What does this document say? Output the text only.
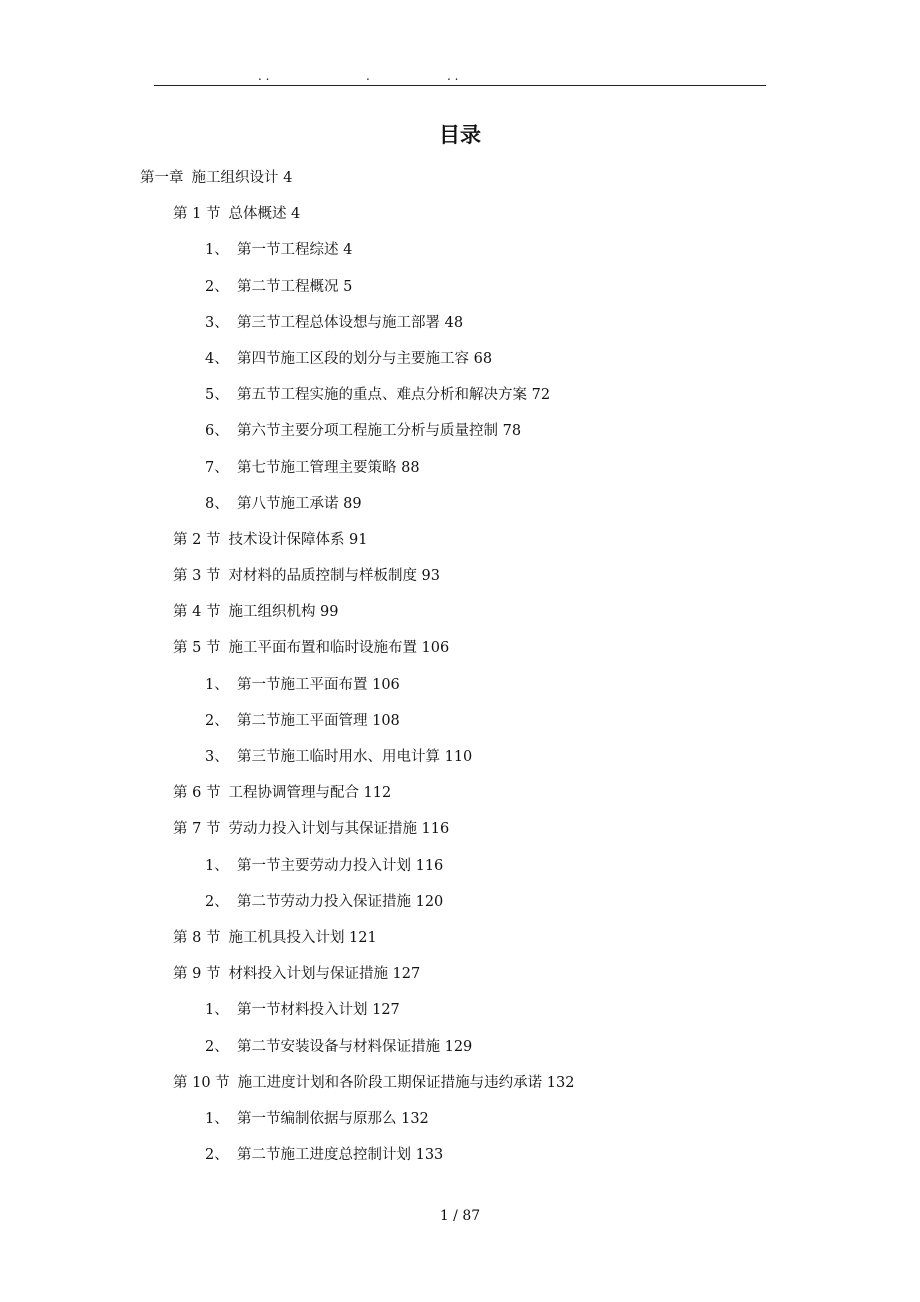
. .	.	. .
目录
第一章 施工组织设计 4
第 1 节 总体概述 4
1、 第一节工程综述 4
2、 第二节工程概况 5
3、 第三节工程总体设想与施工部署 48
4、 第四节施工区段的划分与主要施工容 68
5、 第五节工程实施的重点、难点分析和解决方案 72
6、 第六节主要分项工程施工分析与质量控制 78
7、 第七节施工管理主要策略 88
8、 第八节施工承诺 89
第 2 节 技术设计保障体系 91
第 3 节 对材料的品质控制与样板制度 93
第 4 节 施工组织机构 99
第 5 节 施工平面布置和临时设施布置 106
1、 第一节施工平面布置 106
2、 第二节施工平面管理 108
3、 第三节施工临时用水、用电计算 110
第 6 节 工程协调管理与配合 112
第 7 节 劳动力投入计划与其保证措施 116
1、 第一节主要劳动力投入计划 116
2、 第二节劳动力投入保证措施 120
第 8 节 施工机具投入计划 121
第 9 节 材料投入计划与保证措施 127
1、 第一节材料投入计划 127
2、 第二节安装设备与材料保证措施 129
第 10 节 施工进度计划和各阶段工期保证措施与违约承诺 132
1、 第一节编制依据与原那么 132
2、 第二节施工进度总控制计划 133
1 / 87
